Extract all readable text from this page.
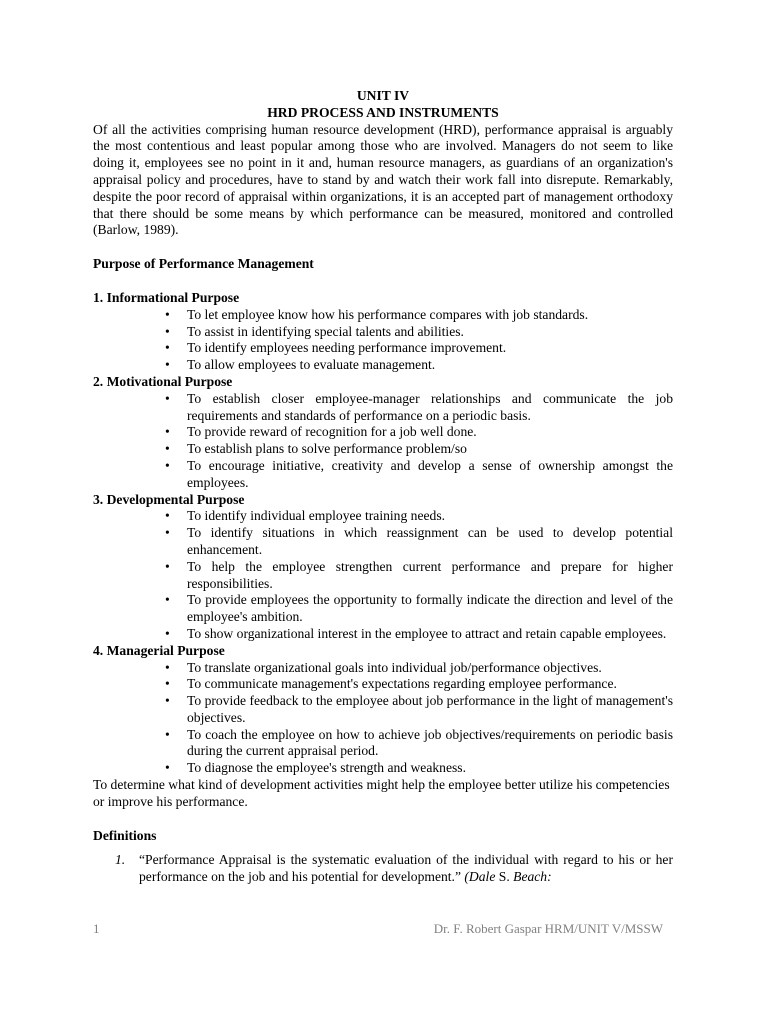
UNIT IV
HRD PROCESS AND INSTRUMENTS
Of all the activities comprising human resource development (HRD), performance appraisal is arguably the most contentious and least popular among those who are involved. Managers do not seem to like doing it, employees see no point in it and, human resource managers, as guardians of an organization's appraisal policy and procedures, have to stand by and watch their work fall into disrepute. Remarkably, despite the poor record of appraisal within organizations, it is an accepted part of management orthodoxy that there should be some means by which performance can be measured, monitored and controlled (Barlow, 1989).
Purpose of Performance Management
1. Informational Purpose
• To let employee know how his performance compares with job standards.
• To assist in identifying special talents and abilities.
• To identify employees needing performance improvement.
• To allow employees to evaluate management.
2. Motivational Purpose
• To establish closer employee-manager relationships and communicate the job requirements and standards of performance on a periodic basis.
• To provide reward of recognition for a job well done.
• To establish plans to solve performance problem/so
• To encourage initiative, creativity and develop a sense of ownership amongst the employees.
3. Developmental Purpose
• To identify individual employee training needs.
• To identify situations in which reassignment can be used to develop potential enhancement.
• To help the employee strengthen current performance and prepare for higher responsibilities.
• To provide employees the opportunity to formally indicate the direction and level of the employee's ambition.
• To show organizational interest in the employee to attract and retain capable employees.
4. Managerial Purpose
• To translate organizational goals into individual job/performance objectives.
• To communicate management's expectations regarding employee performance.
• To provide feedback to the employee about job performance in the light of management's objectives.
• To coach the employee on how to achieve job objectives/requirements on periodic basis during the current appraisal period.
• To diagnose the employee's strength and weakness.
To determine what kind of development activities might help the employee better utilize his competencies or improve his performance.
Definitions
1. “Performance Appraisal is the systematic evaluation of the individual with regard to his or her performance on the job and his potential for development.” (Dale S. Beach:
1	Dr. F. Robert Gaspar HRM/UNIT V/MSSW
